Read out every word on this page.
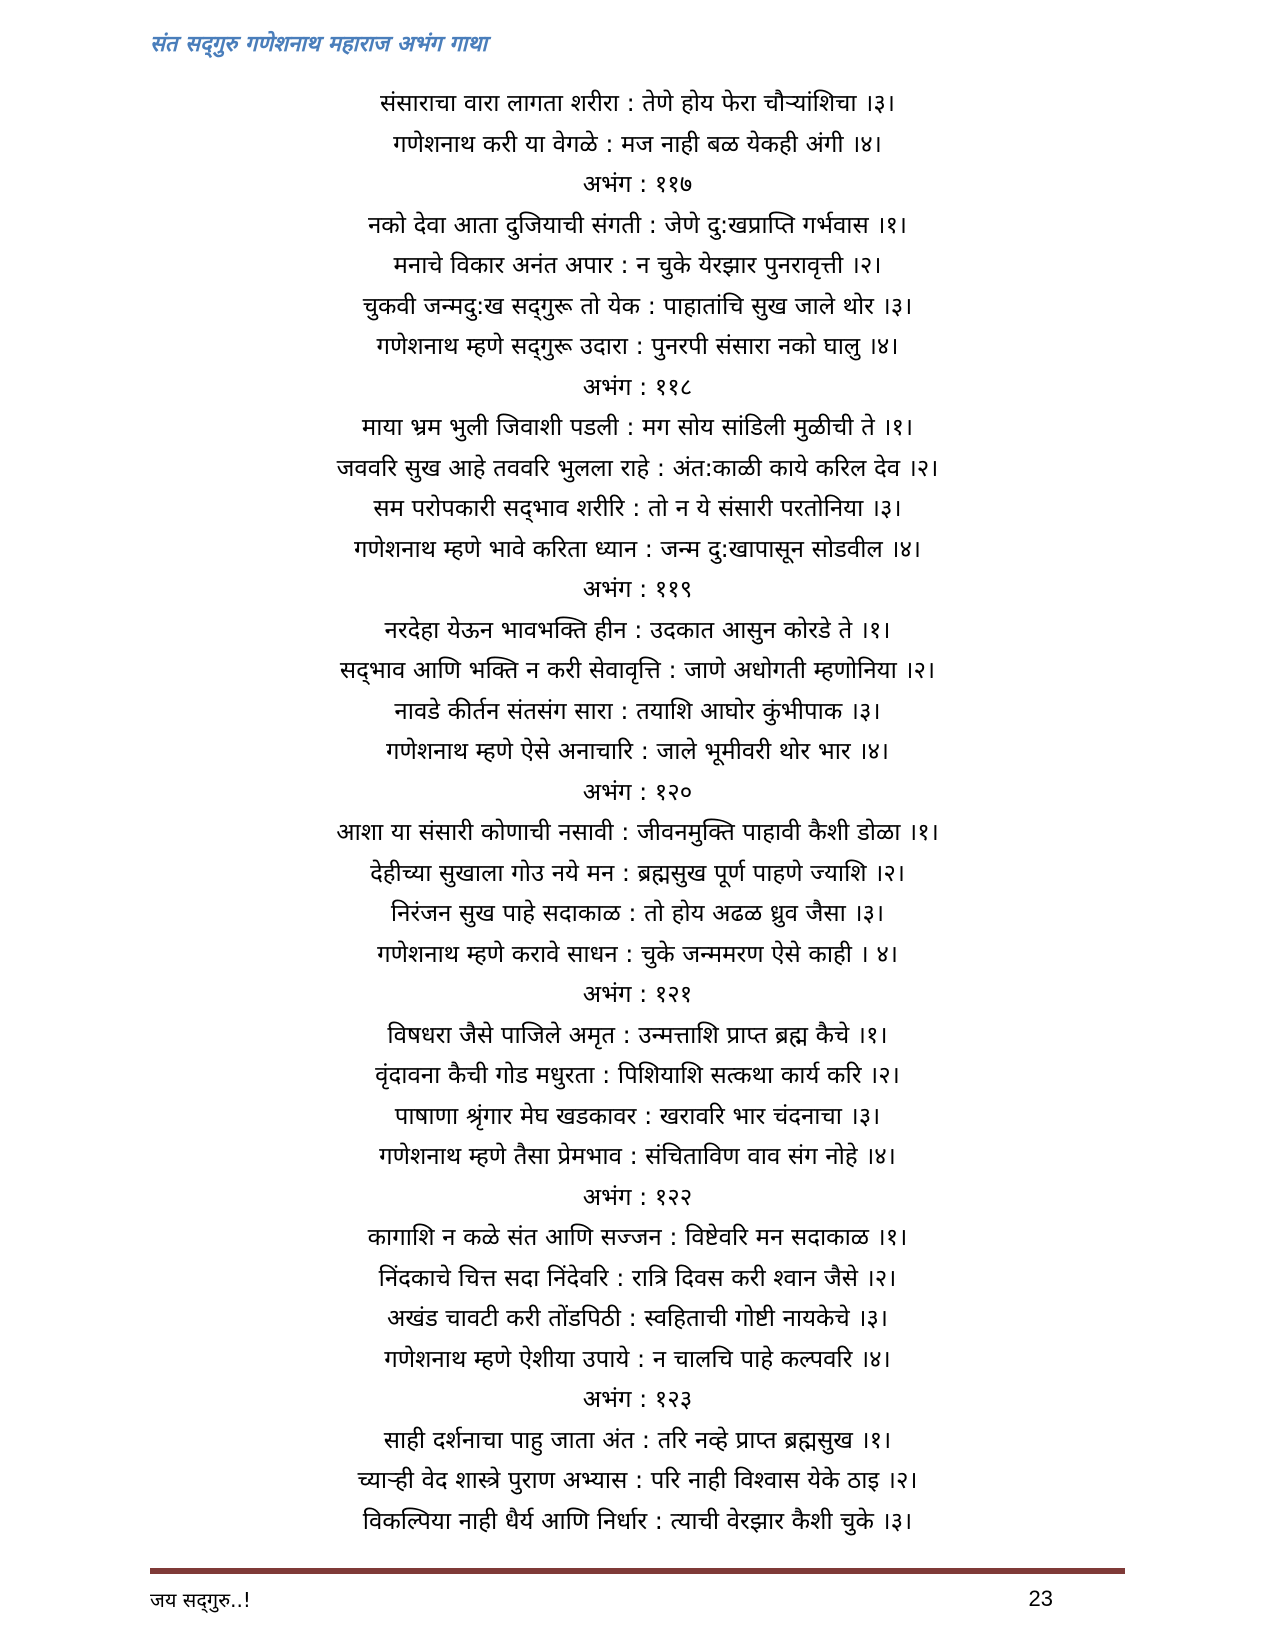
संत सद्‌गुरु गणेशनाथ महाराज अभंग गाथा
संसाराचा वारा लागता शरीरा : तेणे होय फेरा चौऱ्यांशिचा ।३।
गणेशनाथ करी या वेगळे : मज नाही बळ येकही अंगी ।४।
अभंग : ११७
नको देवा आता दुजियाची संगती : जेणे दु:खप्राप्ति गर्भवास ।१।
मनाचे विकार अनंत अपार : न चुके येरझार पुनरावृत्ती ।२।
चुकवी जन्मदु:ख सद्‌गुरू तो येक : पाहातांचि सुख जाले थोर ।३।
गणेशनाथ म्हणे सद्‌गुरू उदारा : पुनरपी संसारा नको घालु ।४।
अभंग : ११८
माया भ्रम भुली जिवाशी पडली : मग सोय सांडिली मुळीची ते ।१।
जववरि सुख आहे तववरि भुलला राहे : अंत:काळी काये करिल देव ।२।
सम परोपकारी सद्‌भाव शरीरि : तो न ये संसारी परतोनिया ।३।
गणेशनाथ म्हणे भावे करिता ध्यान : जन्म दु:खापासून सोडवील ।४।
अभंग : ११९
नरदेहा येऊन भावभक्ति हीन : उदकात आसुन कोरडे ते ।१।
सद्‌भाव आणि भक्ति न करी सेवावृत्ति : जाणे अधोगती म्हणोनिया ।२।
नावडे कीर्तन संतसंग सारा : तयाशि आघोर कुंभीपाक ।३।
गणेशनाथ म्हणे ऐसे अनाचारि : जाले भूमीवरी थोर भार ।४।
अभंग : १२०
आशा या संसारी कोणाची नसावी : जीवनमुक्ति पाहावी कैशी डोळा ।१।
देहीच्या सुखाला गोउ नये मन : ब्रह्मसुख पूर्ण पाहणे ज्याशि ।२।
निरंजन सुख पाहे सदाकाळ : तो होय अढळ ध्रुव जैसा ।३।
गणेशनाथ म्हणे करावे साधन : चुके जन्ममरण ऐसे काही । ४।
अभंग : १२१
विषधरा जैसे पाजिले अमृत : उन्मत्ताशि प्राप्त ब्रह्म कैचे ।१।
वृंदावना कैची गोड मधुरता : पिशियाशि सत्कथा कार्य करि ।२।
पाषाणा श्रृंगार मेघ खडकावर : खरावरि भार चंदनाचा ।३।
गणेशनाथ म्हणे तैसा प्रेमभाव : संचिताविण वाव संग नोहे ।४।
अभंग : १२२
कागाशि न कळे संत आणि सज्जन : विष्टेवरि मन सदाकाळ ।१।
निंदकाचे चित्त सदा निंदेवरि : रात्रि दिवस करी श्वान जैसे ।२।
अखंड चावटी करी तोंडपिठी : स्वहिताची गोष्टी नायकेचे ।३।
गणेशनाथ म्हणे ऐशीया उपाये : न चालचि पाहे कल्पवरि ।४।
अभंग : १२३
साही दर्शनाचा पाहु जाता अंत : तरि नव्हे प्राप्त ब्रह्मसुख ।१।
च्याऱ्ही वेद शास्त्रे पुराण अभ्यास : परि नाही विश्वास येके ठाइ ।२।
विकल्पिया नाही धैर्य आणि निर्धार : त्याची वेरझार कैशी चुके ।३।
जय सद्‌गुरु..!	23
